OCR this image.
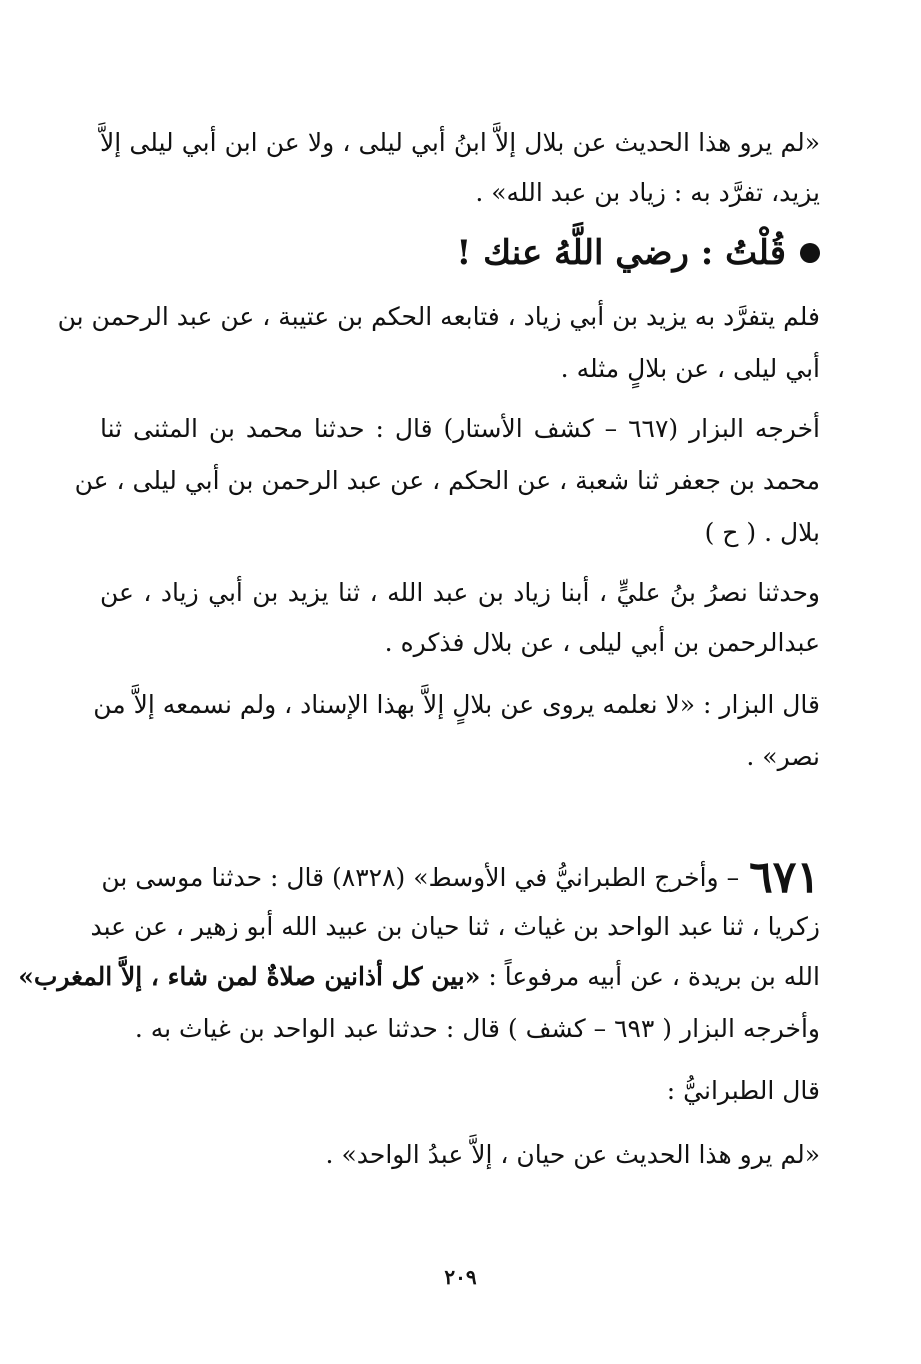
«لم يرو هذا الحديث عن بلال إلاَّ ابنُ أبي ليلى ، ولا عن ابن أبي ليلى إلاَّ
يزيد، تفرَّد به : زياد بن عبد الله» .
قُلْتُ : رضي اللَّهُ عنك !
فلم يتفرَّد به يزيد بن أبي زياد ، فتابعه الحكم بن عتيبة ، عن عبد الرحمن بن
أبي ليلى ، عن بلالٍ مثله .
أخرجه البزار (٦٦٧ – كشف الأستار) قال : حدثنا محمد بن المثنى ثنا
محمد بن جعفر ثنا شعبة ، عن الحكم ، عن عبد الرحمن بن أبي ليلى ، عن
بلال . ( ح )
وحدثنا نصرُ بنُ عليٍّ ، أبنا زياد بن عبد الله ، ثنا يزيد بن أبي زياد ، عن
عبدالرحمن بن أبي ليلى ، عن بلال فذكره .
قال البزار : «لا نعلمه يروى عن بلالٍ إلاَّ بهذا الإسناد ، ولم نسمعه إلاَّ من
نصر» .
٦٧١– وأخرج الطبرانيُّ في الأوسط» (٨٣٢٨) قال : حدثنا موسى بن
زكريا ، ثنا عبد الواحد بن غياث ، ثنا حيان بن عبيد الله أبو زهير ، عن عبد
الله بن بريدة ، عن أبيه مرفوعاً : «بين كل أذانين صلاةٌ لمن شاء ، إلاَّ المغرب»
وأخرجه البزار ( ٦٩٣ – كشف ) قال : حدثنا عبد الواحد بن غياث به .
قال الطبرانيُّ :
«لم يرو هذا الحديث عن حيان ، إلاَّ عبدُ الواحد» .
٢٠٩
